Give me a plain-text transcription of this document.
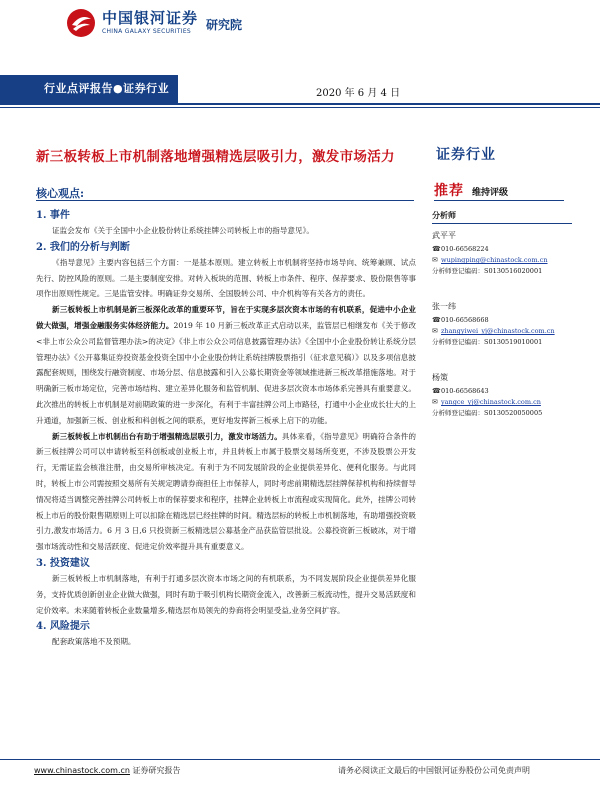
中国银河证券
CHINA GALAXY SECURITIES	研究院
2020 年 6 月 4 日
行业点评报告●证券行业
新三板转板上市机制落地增强精选层吸引力，激发市场活力	证券行业
核心观点:	推荐 维持评级
1. 事件

证监会发布《关于全国中小企业股份转让系统挂牌公司转板上市的指导意见》。

2. 我们的分析与判断

《指导意见》主要内容包括三个方面：一是基本原则。建立转板上市机制将坚持市场导向、统筹兼顾、试点先行、防控风险的原则。二是主要制度安排。对转入板块的范围、转板上市条件、程序、保荐要求、股份限售等事项作出原则性规定。三是监管安排。明确证券交易所、全国股转公司、中介机构等有关各方的责任。

新三板转板上市机制是新三板深化改革的重要环节，旨在于实现多层次资本市场的有机联系，促进中小企业做大做强，增强金融服务实体经济能力。2019 年 10 月新三板改革正式启动以来，监管层已相继发布《关于修改<非上市公众公司监督管理办法>的决定》《非上市公众公司信息披露管理办法》《全国中小企业股份转让系统分层管理办法》《公开募集证券投资基金投资全国中小企业股份转让系统挂牌股票指引（征求意见稿）》以及多项信息披露配套规则，围绕发行融资制度、市场分层、信息披露和引入公募长期资金等领域推进新三板改革措施落地。对于明确新三板市场定位，完善市场结构、建立差异化服务和监管机制、促进多层次资本市场体系完善具有重要意义。此次推出的转板上市机制是对前期政策的进一步深化，有利于丰富挂牌公司上市路径，打通中小企业成长壮大的上升通道，加强新三板、创业板和科创板之间的联系，更好地发挥新三板承上启下的功能。

新三板转板上市机制出台有助于增强精选层吸引力，激发市场活力。具体来看，《指导意见》明确符合条件的新三板挂牌公司可以申请转板至科创板或创业板上市，并且转板上市属于股票交易场所变更，不涉及股票公开发行，无需证监会核准注册，由交易所审核决定。有利于为不同发展阶段的企业提供差异化、便利化服务。与此同时，转板上市公司需按照交易所有关规定聘请券商担任上市保荐人，同时考虑前期精选层挂牌保荐机构和持续督导情况将适当调整完善挂牌公司转板上市的保荐要求和程序，挂牌企业转板上市流程或实现简化。此外，挂牌公司转板上市后的股份限售期原则上可以扣除在精选层已经挂牌的时间。精选层标的转板上市机制落地，有助增强投资吸引力,激发市场活力。6 月 3 日,6 只投资新三板精选层公募基金产品获监管层批设。公募投资新三板破冰，对于增强市场流动性和交易活跃度、促进定价效率提升具有重要意义。

3. 投资建议

新三板转板上市机制落地，有利于打通多层次资本市场之间的有机联系，为不同发展阶段企业提供差异化服务，支持优质创新创业企业做大做强，同时有助于吸引机构长期资金流入，改善新三板流动性，提升交易活跃度和定价效率。未来随着转板企业数量增多,精选层布局领先的券商将会明显受益,业务空间扩容。

4. 风险提示

配套政策落地不及预期。

分析师
武平平
☎ 010-66568224
✉ wupingping@chinastock.com.cn
分析师登记编码： S0130516020001
张一纬
☎ 010-66568668
✉ zhangyiwei_yj@chinastock.com.cn
分析师登记编码： S0130519010001
杨策
☎ 010-66568643
✉ yangce_yj@chinastock.com.cn
分析师登记编码： S0130520050005
www.chinastock.com.cn 证券研究报告	请务必阅读正文最后的中国银河证券股份公司免责声明
